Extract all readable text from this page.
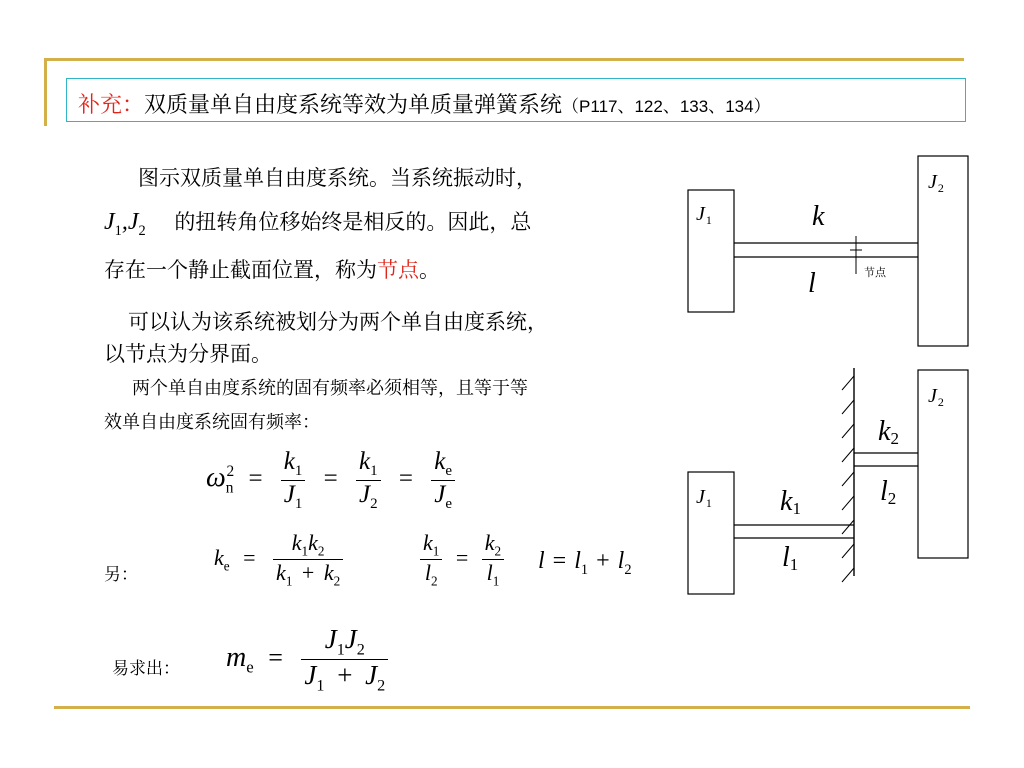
补充：双质量单自由度系统等效为单质量弹簧系统（P117、122、133、134）
图示双质量单自由度系统。当系统振动时，
$J_1,J_2$ 的扭转角位移始终是相反的。因此，总
存在一个静止截面位置，称为节点。
可以认为该系统被划分为两个单自由度系统，
以节点为分界面。
两个单自由度系统的固有频率必须相等，且等于等
效单自由度系统固有频率：
$\omega_n^2 = \frac{k_1}{J_1} = \frac{k_1}{J_2} = \frac{k_e}{J_e}$
另：
$k_e = \frac{k_1k_2}{k_1 + k_2}$	$\frac{k_1}{l_2} = \frac{k_2}{l_1}$ $l = l_1 + l_2$
易求出： $m_e = \frac{J_1J_2}{J_1 + J_2}$
$J_1$
$J_2$
k
l	节点
$J_1$ k1
l1
$J_2$
k2
l2
